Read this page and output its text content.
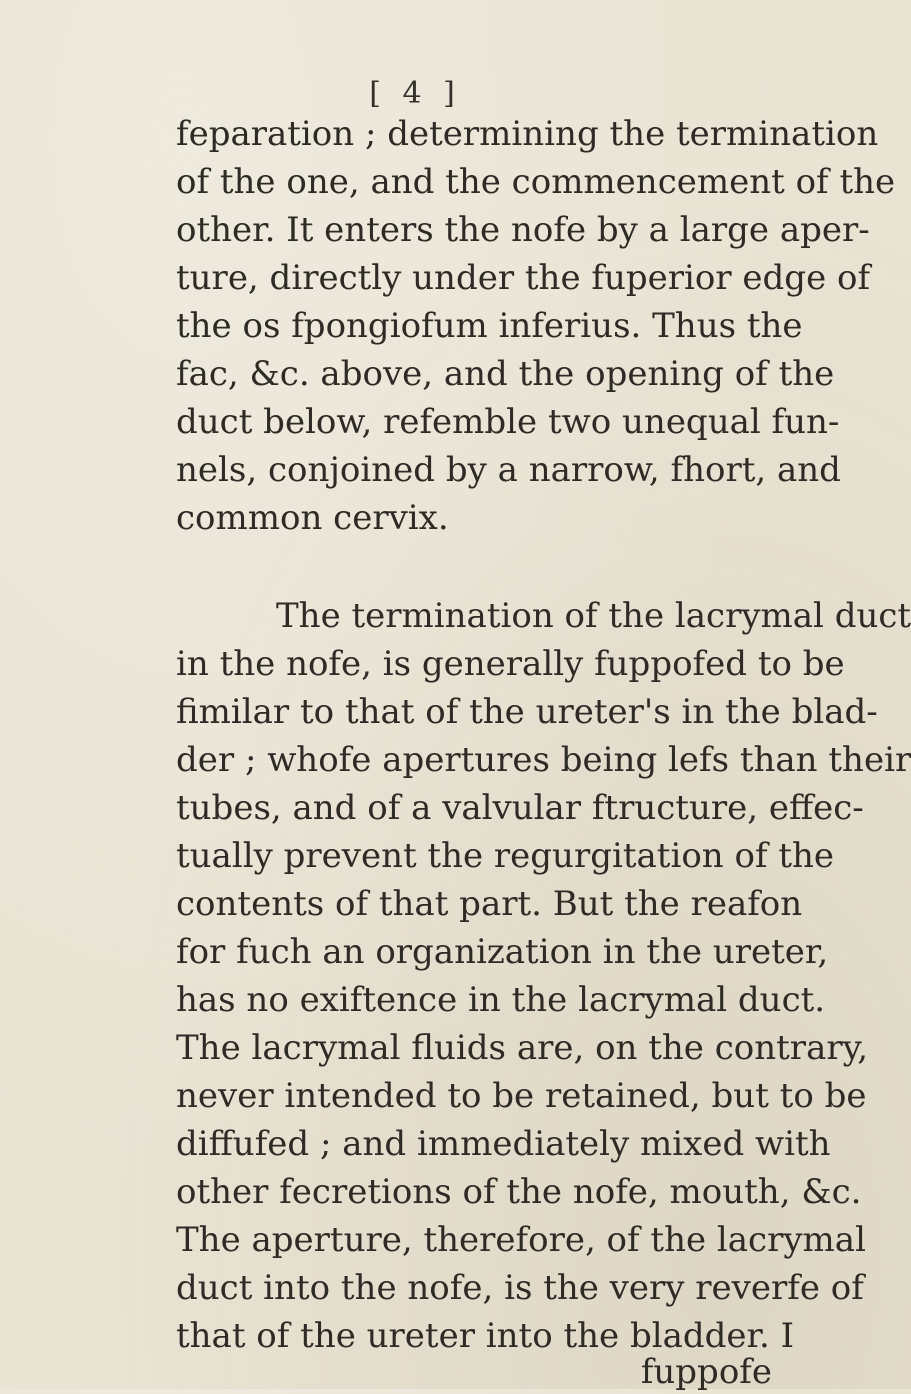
[ 4 ]
feparation ; determining the termination
of the one, and the commencement of the
other. It enters the nofe by a large aper-
ture, directly under the fuperior edge of
the os fpongiofum inferius. Thus the
fac, &c. above, and the opening of the
duct below, refemble two unequal fun-
nels, conjoined by a narrow, fhort, and
common cervix.
The termination of the lacrymal duct
in the nofe, is generally fuppofed to be
fimilar to that of the ureter's in the blad-
der ; whofe apertures being lefs than their
tubes, and of a valvular ftructure, effec-
tually prevent the regurgitation of the
contents of that part. But the reafon
for fuch an organization in the ureter,
has no exiftence in the lacrymal duct.
The lacrymal fluids are, on the contrary,
never intended to be retained, but to be
diffufed ; and immediately mixed with
other fecretions of the nofe, mouth, &c.
The aperture, therefore, of the lacrymal
duct into the nofe, is the very reverfe of
that of the ureter into the bladder. I
fuppofe
